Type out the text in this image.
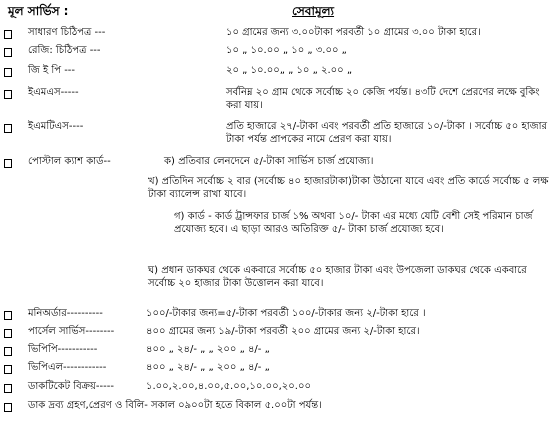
মূল সার্ভিস :	সেবামূল্য
সাধারণ চিঠিপত্র ---	১০ গ্রামের জন্য ৩.০০টাকা পরবর্তী ১০ গ্রামের ৩.০০ টাকা হারে।
রেজি: চিঠিপত্র ---	১০ „ ১০.০০ „ ১০ „ ৩.০০ „
জি ই পি ---	২০ „ ১০.০০„ „ ১০ „ ২.০০ „
ইএমএস-----	সর্বনিম্ন ২০ গ্রাম থেকে সর্বোচ্চ ২০ কেজি পর্যন্ত। ৪৩টি দেশে প্রেরণের লক্ষে বুকিং করা যায়।
ইএমটিএস----	প্রতি হাজারে ২৭/-টাকা এবং পরবর্তী প্রতি হাজারে ১০/-টাকা । সর্বোচ্চ ৫০ হাজার টাকা পর্যন্ত প্রাপকের নামে প্রেরণ করা যায়।
পোস্টাল ক্যাশ কার্ড--	ক) প্রতিবার লেনদেনে ৫/-টাকা সার্ভিস চার্জ প্রযোজ্য।
খ) প্রতিদিন সর্বোচ্চ ২ বার (সর্বোচ্চ ৪০ হাজারটাকা)টাকা উঠানো যাবে এবং প্রতি কার্ডে সর্বোচ্চ ৫ লক্ষ টাকা ব্যালেন্স রাখা যাবে।
গ) কার্ড - কার্ড ট্রান্সফার চার্জ ১% অথবা ১০/- টাকা এর মধ্যে যেটি বেশী সেই পরিমান চার্জ প্রযোজ্য হবে। এ ছাড়া আরও অতিরিক্ত ৫/- টাকা চার্জ প্রযোজ্য হবে।
ঘ) প্রধান ডাকঘর থেকে একবারে সর্বোচ্চ ৫০ হাজার টাকা এবং উপজেলা ডাকঘর থেকে একবারে সর্বোচ্চ ২০ হাজার টাকা উত্তোলন করা যাবে।
মনিঅর্ডার----------	১০০/-টাকার জন্য=৫/-টাকা পরবর্তী ১০০/-টাকার জন্য ২/-টাকা হারে ।
পার্সেল সার্ভিস--------	৪০০ গ্রামের জন্য ১৯/-টাকা পরবর্তী ২০০ গ্রামের জন্য ২/-টাকা হারে।
ভিপিপি-----------	৪০০ „ ২৪/- „ „ ২০০ „ ৪/- „
ভিপিএল------------	৪০০ „ ২৪/- „ „ ২০০ „ ৪/- „
ডাকটিকেট বিক্রয়-----	১.০০,২.০০,৪.০০,৫.০০,১০.০০,২০.০০
ডাক দ্রব্য গ্রহণ,প্রেরণ ও বিলি- সকাল ০৯০০টা হতে বিকাল ৫.০০টা পর্যন্ত।
